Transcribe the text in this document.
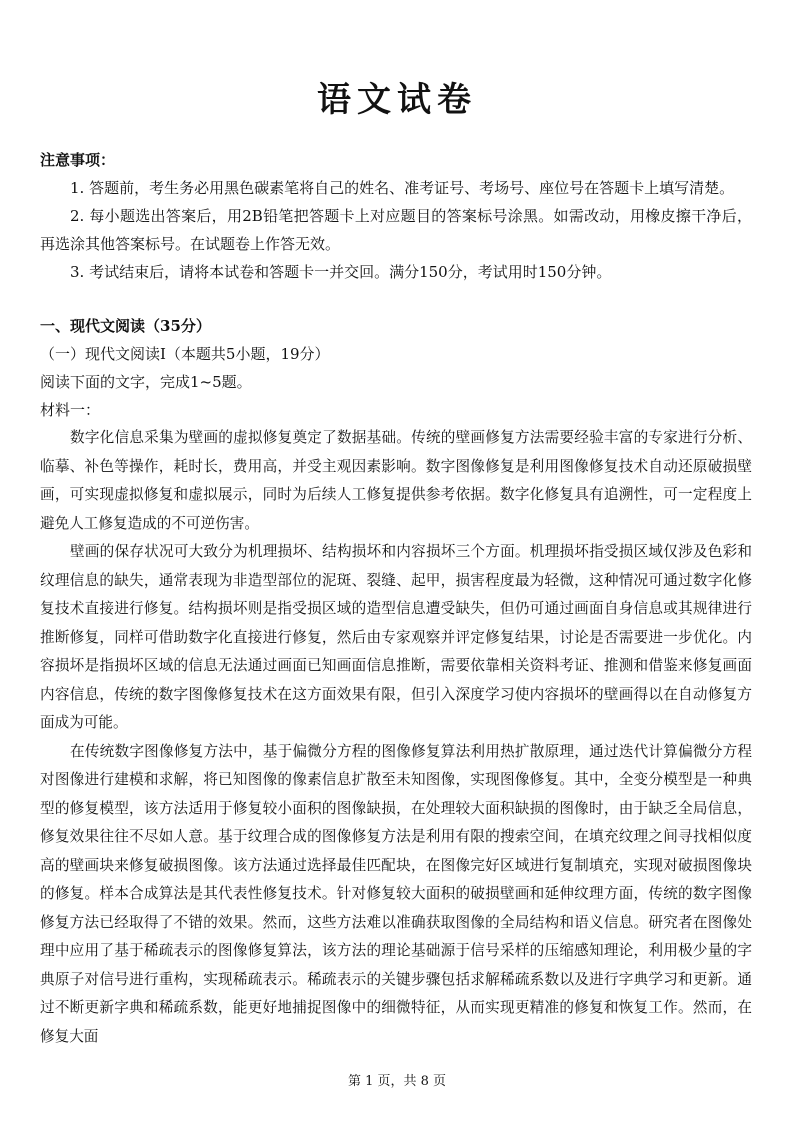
语文试卷
注意事项：

1. 答题前，考生务必用黑色碳素笔将自己的姓名、准考证号、考场号、座位号在答题卡上填写清楚。

2. 每小题选出答案后，用2B铅笔把答题卡上对应题目的答案标号涂黑。如需改动，用橡皮擦干净后，再选涂其他答案标号。在试题卷上作答无效。

3. 考试结束后，请将本试卷和答题卡一并交回。满分150分，考试用时150分钟。

一、现代文阅读（35分）
（一）现代文阅读Ⅰ（本题共5小题，19分）
阅读下面的文字，完成1~5题。
材料一：

数字化信息采集为壁画的虚拟修复奠定了数据基础。传统的壁画修复方法需要经验丰富的专家进行分析、临摹、补色等操作，耗时长，费用高，并受主观因素影响。数字图像修复是利用图像修复技术自动还原破损壁画，可实现虚拟修复和虚拟展示，同时为后续人工修复提供参考依据。数字化修复具有追溯性，可一定程度上避免人工修复造成的不可逆伤害。

壁画的保存状况可大致分为机理损坏、结构损坏和内容损坏三个方面。机理损坏指受损区域仅涉及色彩和纹理信息的缺失，通常表现为非造型部位的泥斑、裂缝、起甲，损害程度最为轻微，这种情况可通过数字化修复技术直接进行修复。结构损坏则是指受损区域的造型信息遭受缺失，但仍可通过画面自身信息或其规律进行推断修复，同样可借助数字化直接进行修复，然后由专家观察并评定修复结果，讨论是否需要进一步优化。内容损坏是指损坏区域的信息无法通过画面已知画面信息推断，需要依靠相关资料考证、推测和借鉴来修复画面内容信息，传统的数字图像修复技术在这方面效果有限，但引入深度学习使内容损坏的壁画得以在自动修复方面成为可能。

在传统数字图像修复方法中，基于偏微分方程的图像修复算法利用热扩散原理，通过迭代计算偏微分方程对图像进行建模和求解，将已知图像的像素信息扩散至未知图像，实现图像修复。其中，全变分模型是一种典型的修复模型，该方法适用于修复较小面积的图像缺损，在处理较大面积缺损的图像时，由于缺乏全局信息，修复效果往往不尽如人意。基于纹理合成的图像修复方法是利用有限的搜索空间，在填充纹理之间寻找相似度高的壁画块来修复破损图像。该方法通过选择最佳匹配块，在图像完好区域进行复制填充，实现对破损图像块的修复。样本合成算法是其代表性修复技术。针对修复较大面积的破损壁画和延伸纹理方面，传统的数字图像修复方法已经取得了不错的效果。然而，这些方法难以准确获取图像的全局结构和语义信息。研究者在图像处理中应用了基于稀疏表示的图像修复算法，该方法的理论基础源于信号采样的压缩感知理论，利用极少量的字典原子对信号进行重构，实现稀疏表示。稀疏表示的关键步骤包括求解稀疏系数以及进行字典学习和更新。通过不断更新字典和稀疏系数，能更好地捕捉图像中的细微特征，从而实现更精准的修复和恢复工作。然而，在修复大面

第 1 页，共 8 页
